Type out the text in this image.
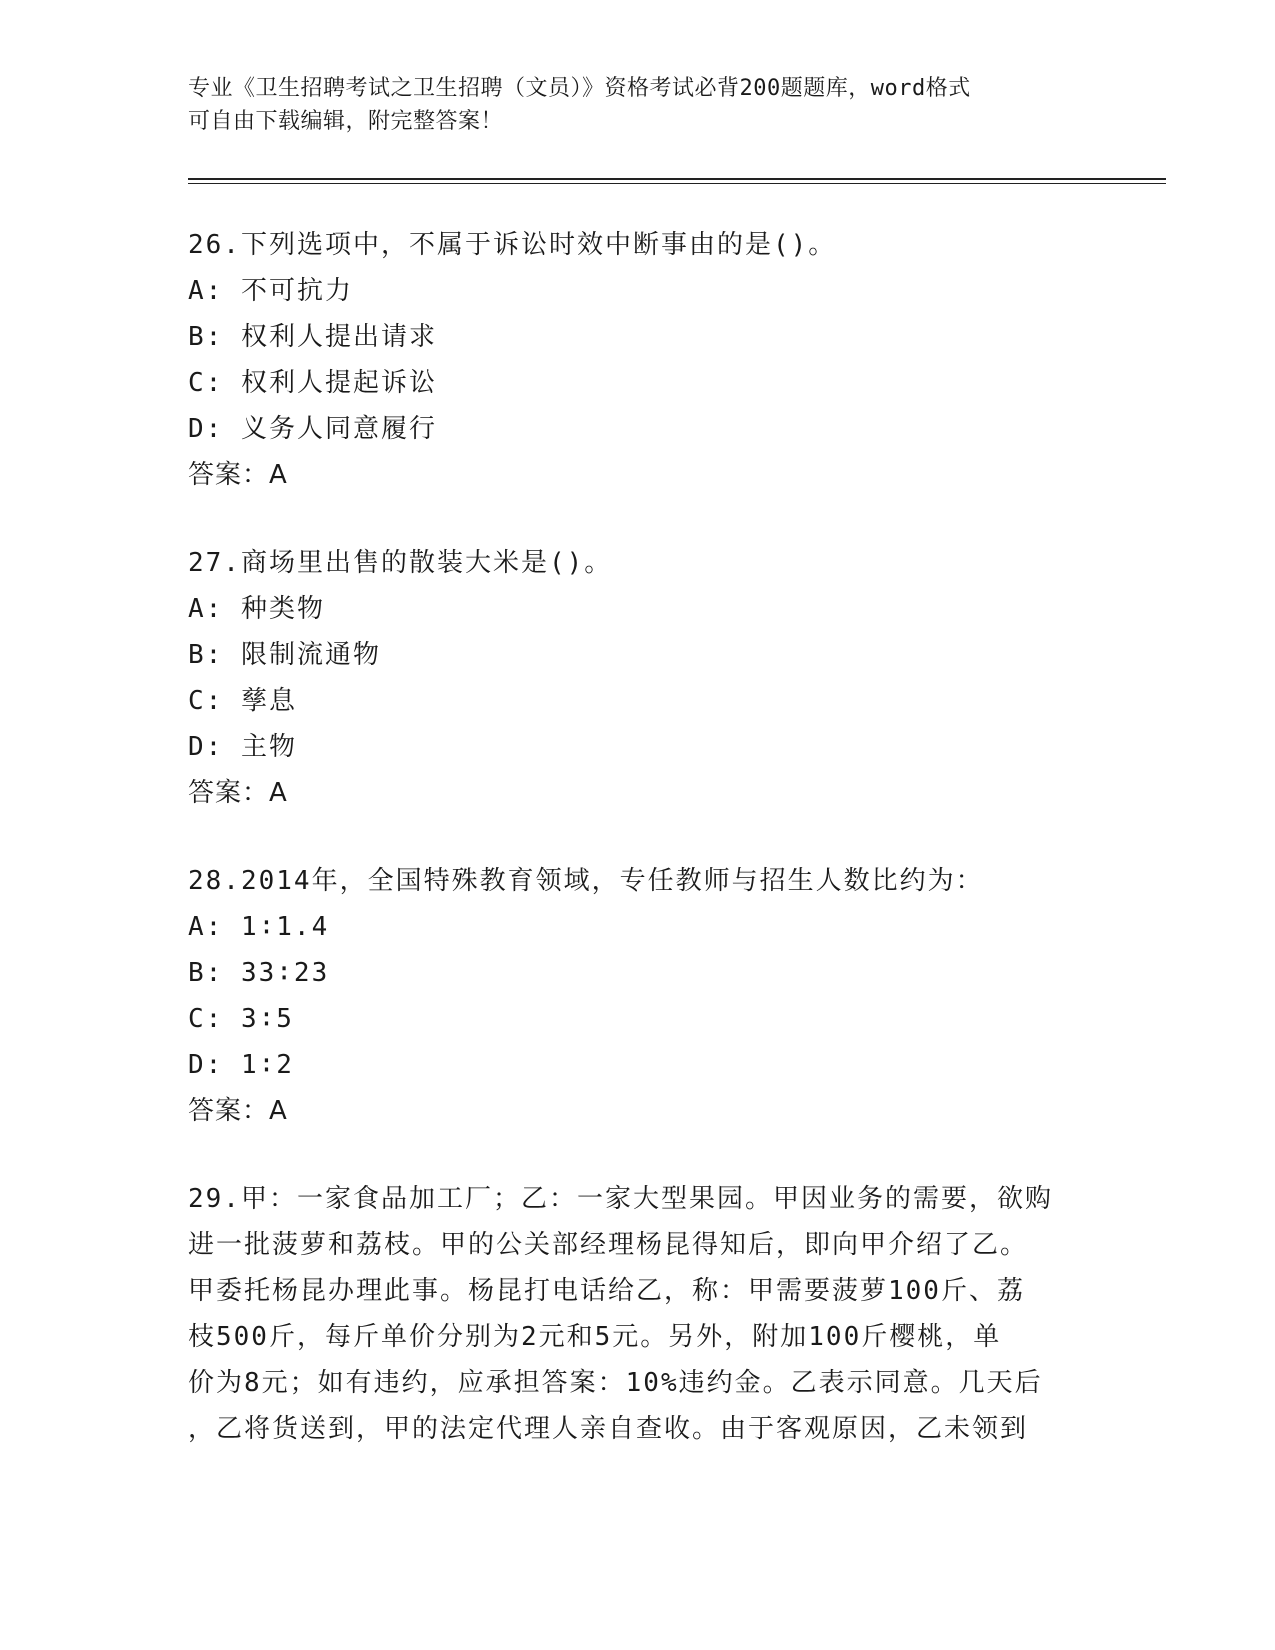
专业《卫生招聘考试之卫生招聘（文员）》资格考试必背200题题库，word格式
可自由下载编辑，附完整答案！

26.下列选项中，不属于诉讼时效中断事由的是()。

A: 不可抗力

B: 权利人提出请求

C: 权利人提起诉讼

D: 义务人同意履行

答案：A

27.商场里出售的散装大米是()。

A: 种类物

B: 限制流通物

C: 孳息

D: 主物

答案：A

28.2014年，全国特殊教育领域，专任教师与招生人数比约为：

A: 1∶1.4

B: 33∶23

C: 3∶5

D: 1∶2

答案：A

29.甲：一家食品加工厂；乙：一家大型果园。甲因业务的需要，欲购

进一批菠萝和荔枝。甲的公关部经理杨昆得知后，即向甲介绍了乙。

甲委托杨昆办理此事。杨昆打电话给乙，称：甲需要菠萝100斤、荔

枝500斤，每斤单价分别为2元和5元。另外，附加100斤樱桃，单

价为8元；如有违约，应承担答案：10%违约金。乙表示同意。几天后

，乙将货送到，甲的法定代理人亲自查收。由于客观原因，乙未领到
